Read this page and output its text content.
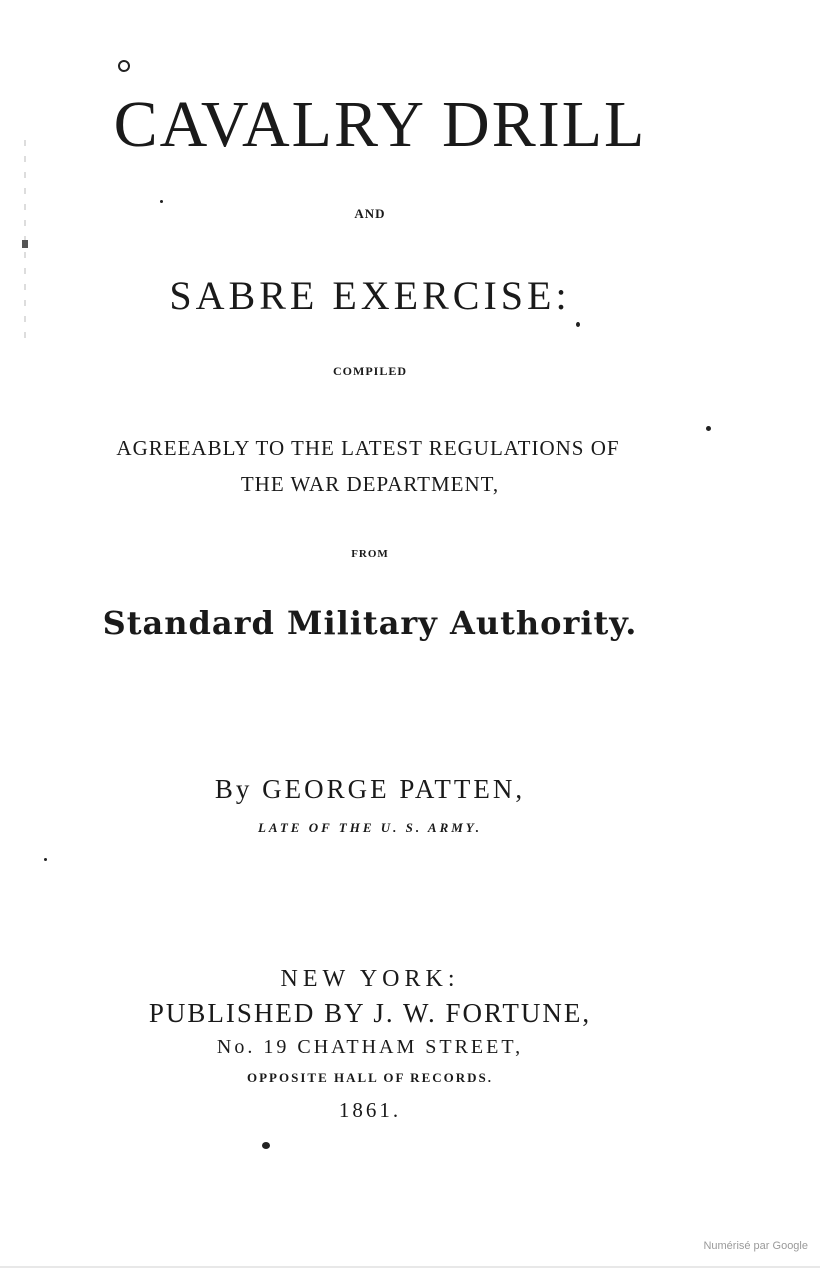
CAVALRY DRILL
AND
SABRE EXERCISE:
COMPILED
AGREEABLY TO THE LATEST REGULATIONS OF
THE WAR DEPARTMENT,
FROM
Standard Military Authority.
By GEORGE PATTEN,
LATE OF THE U. S. ARMY.
NEW YORK:
PUBLISHED BY J. W. FORTUNE,
No. 19 CHATHAM STREET,
OPPOSITE HALL OF RECORDS.
1861.
Numérisé par Google
